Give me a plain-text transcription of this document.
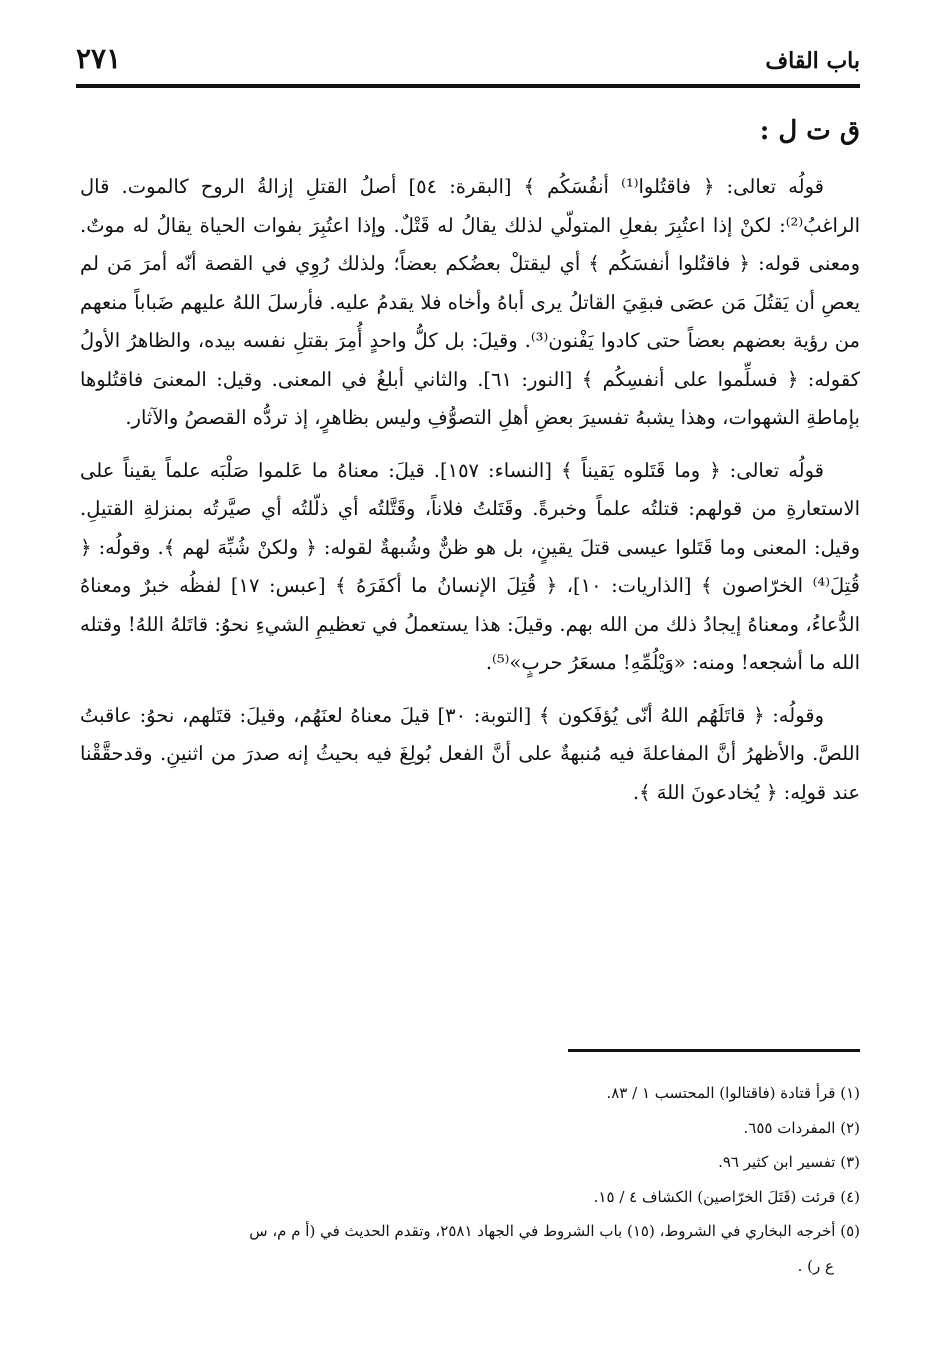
باب القاف
٢٧١
ق ت ل :

قولُه تعالى: ﴿ فاقتُلوا⁽¹⁾ أنفُسَكُم ﴾ [البقرة: ٥٤] أصلُ القتلِ إزالةُ الروح كالموت. قال الراغبُ⁽²⁾: لكنْ إذا اعتُبِرَ بفعلِ المتولّي لذلك يقالُ له قَتْلٌ. وإذا اعتُبِرَ بفوات الحياة يقالُ له موتٌ. ومعنى قوله: ﴿ فاقتُلوا أنفسَكُم ﴾ أي ليقتلْ بعضُكم بعضاً؛ ولذلك رُوِي في القصة أنّه أمرَ مَن لم يعصِ أن يَقتُلَ مَن عصَى فبقِيَ القاتلُ يرى أباهُ وأخاه فلا يقدمُ عليه. فأرسلَ اللهُ عليهم ضَباباً منعهم من رؤية بعضهم بعضاً حتى كادوا يَفْنون⁽³⁾. وقيلَ: بل كلُّ واحدٍ أُمِرَ بقتلِ نفسه بيده، والظاهرُ الأولُ كقوله: ﴿ فسلِّموا على أنفسِكُم ﴾ [النور: ٦١]. والثاني أبلغُ في المعنى. وقيل: المعنىَ فاقتُلوها بإماطةِ الشهوات، وهذا يشبهُ تفسيرَ بعضِ أهلِ التصوُّفِ وليس بظاهرٍ، إذ تردُّه القصصُ والآثار.

قولُه تعالى: ﴿ وما قَتَلوه يَقيناً ﴾ [النساء: ١٥٧]. قيلَ: معناهُ ما عَلموا صَلْبَه علماً يقيناً على الاستعارةِ من قولهم: قتلتُه علماً وخبرةً. وقَتَلتُ فلاناً، وقَتَّلتُه أي ذلّلتُه أي صيَّرتُه بمنزلةِ القتيلِ. وقيل: المعنى وما قَتَلوا عيسى قتلَ يقينٍ، بل هو ظنٌّ وشُبهةٌ لقوله: ﴿ ولكنْ شُبِّهَ لهم ﴾. وقولُه: ﴿ قُتِلَ⁽⁴⁾ الخرّاصون ﴾ [الذاريات: ١٠]، ﴿ قُتِلَ الإنسانُ ما أكفَرَهُ ﴾ [عبس: ١٧] لفظُه خبرٌ ومعناهُ الدُّعاءُ، ومعناهُ إيجادُ ذلك من الله بهم. وقيلَ: هذا يستعملُ في تعظيمِ الشيءِ نحوُ: قاتَلهُ اللهُ! وقتله الله ما أشجعه! ومنه: «وَيْلُمِّهِ! مسعَرُ حربٍ»⁽⁵⁾.

وقولُه: ﴿ قاتَلَهُم اللهُ أنّى يُؤفَكون ﴾ [التوبة: ٣٠] قيلَ معناهُ لعنَهُم، وقيلَ: قتَلهم، نحوُ: عاقبتُ اللصَّ. والأظهرُ أنَّ المفاعلةَ فيه مُنبهةٌ على أنَّ الفعل بُولِغَ فيه بحيثُ إنه صدرَ من اثنينِ. وقدحقَّقْنا عند قولِه: ﴿ يُخادعونَ اللهَ ﴾.

(١) قرأ قتادة (فاقتالوا) المحتسب ١ / ٨٣.

(٢) المفردات ٦٥٥.

(٣) تفسير ابن كثير ٩٦.

(٤) قرئت (قَتَلَ الخرّاصين) الكشاف ٤ / ١٥.

(٥) أخرجه البخاري في الشروط، (١٥) باب الشروط في الجهاد ٢٥٨١، وتقدم الحديث في (أ م م، س

ع ر) .
